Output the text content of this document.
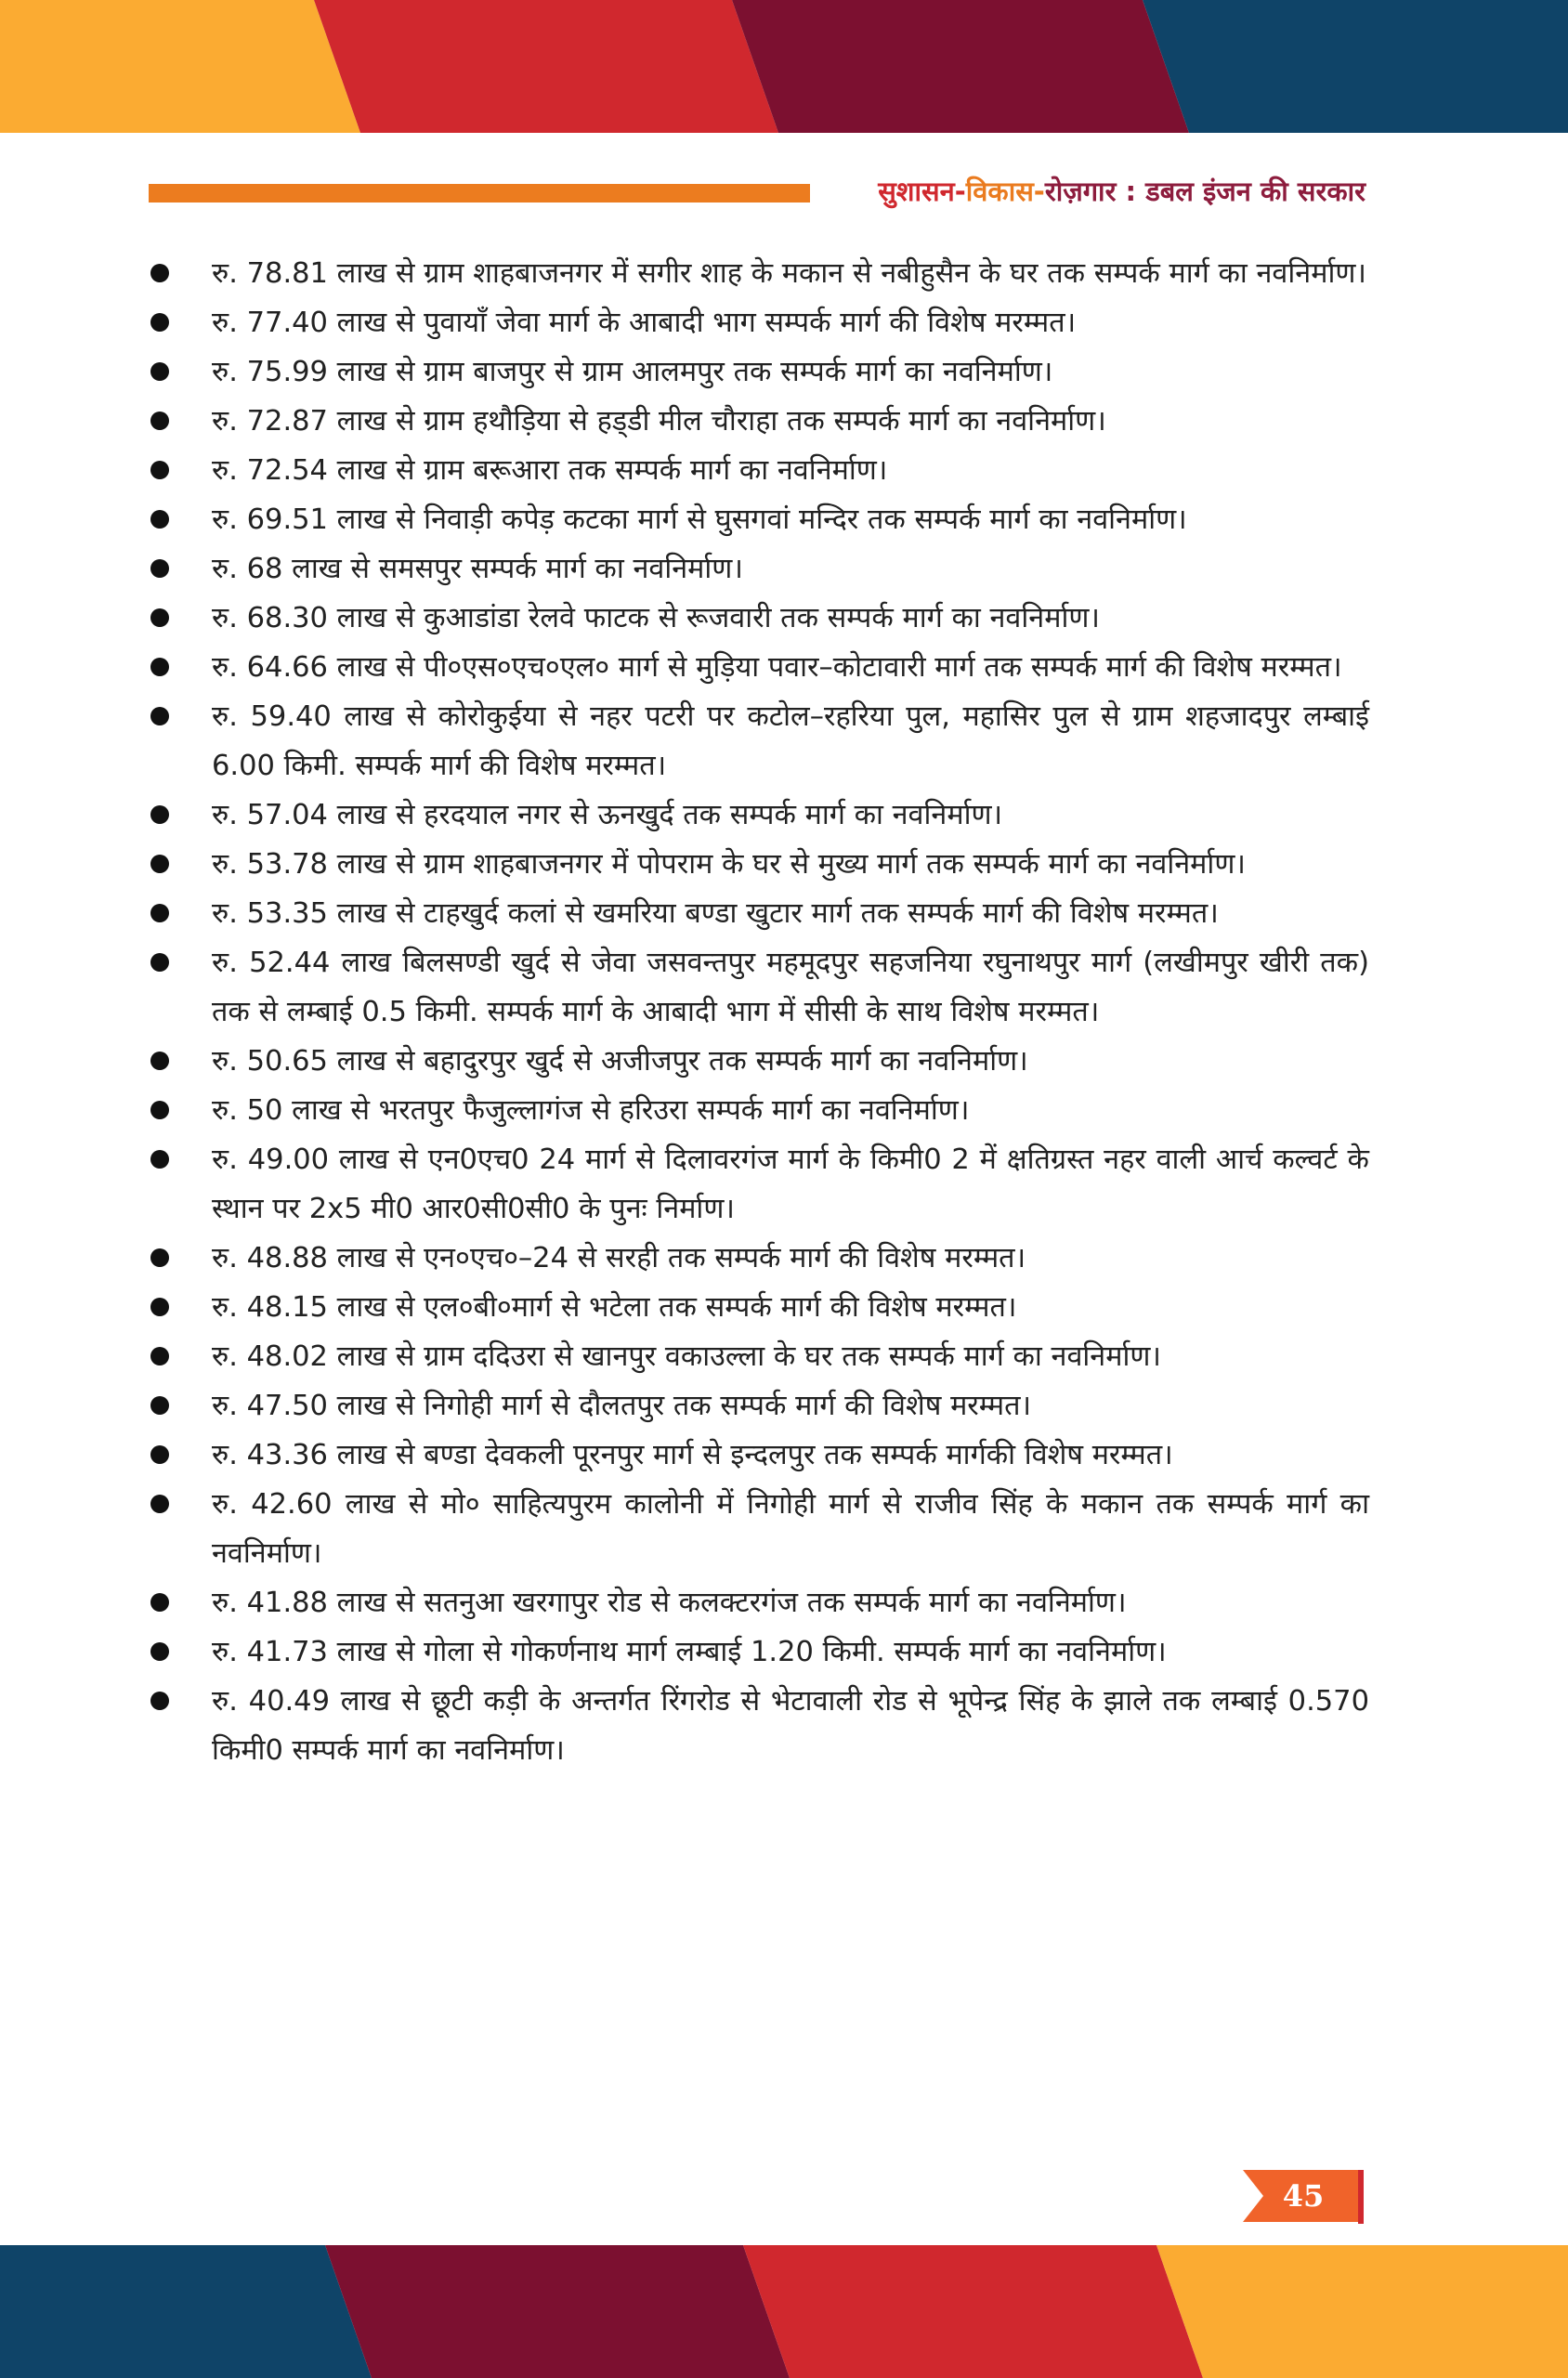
सुशासन-विकास-रोज़गार : डबल इंजन की सरकार
रु. 78.81 लाख से ग्राम शाहबाजनगर में सगीर शाह के मकान से नबीहुसैन के घर तक सम्पर्क मार्ग का नवनिर्माण।
रु. 77.40 लाख से पुवायाँ जेवा मार्ग के आबादी भाग सम्पर्क मार्ग की विशेष मरम्मत।
रु. 75.99 लाख से ग्राम बाजपुर से ग्राम आलमपुर तक सम्पर्क मार्ग का नवनिर्माण।
रु. 72.87 लाख से ग्राम हथौड़िया से हड्‌डी मील चौराहा तक सम्पर्क मार्ग का नवनिर्माण।
रु. 72.54 लाख से ग्राम बरूआरा तक सम्पर्क मार्ग का नवनिर्माण।
रु. 69.51 लाख से निवाड़ी कपेड़ कटका मार्ग से घुसगवां मन्दिर तक सम्पर्क मार्ग का नवनिर्माण।
रु. 68 लाख से समसपुर सम्पर्क मार्ग का नवनिर्माण।
रु. 68.30 लाख से कुआडांडा रेलवे फाटक से रूजवारी तक सम्पर्क मार्ग का नवनिर्माण।
रु. 64.66 लाख से पी०एस०एच०एल० मार्ग से मुड़िया पवार–कोटावारी मार्ग तक सम्पर्क मार्ग की विशेष मरम्मत।
रु. 59.40 लाख से कोरोकुईया से नहर पटरी पर कटोल–रहरिया पुल, महासिर पुल से ग्राम शहजादपुर लम्बाई 6.00 किमी. सम्पर्क मार्ग की विशेष मरम्मत।
रु. 57.04 लाख से हरदयाल नगर से ऊनखुर्द तक सम्पर्क मार्ग का नवनिर्माण।
रु. 53.78 लाख से ग्राम शाहबाजनगर में पोपराम के घर से मुख्य मार्ग तक सम्पर्क मार्ग का नवनिर्माण।
रु. 53.35 लाख से टाहखुर्द कलां से खमरिया बण्डा खुटार मार्ग तक सम्पर्क मार्ग की विशेष मरम्मत।
रु. 52.44 लाख बिलसण्डी खुर्द से जेवा जसवन्तपुर महमूदपुर सहजनिया रघुनाथपुर मार्ग (लखीमपुर खीरी तक) तक से लम्बाई 0.5 किमी. सम्पर्क मार्ग के आबादी भाग में सीसी के साथ विशेष मरम्मत।
रु. 50.65 लाख से बहादुरपुर खुर्द से अजीजपुर तक सम्पर्क मार्ग का नवनिर्माण।
रु. 50 लाख से भरतपुर फैजुल्लागंज से हरिउरा सम्पर्क मार्ग का नवनिर्माण।
रु. 49.00 लाख से एन0एच0 24 मार्ग से दिलावरगंज मार्ग के किमी0 2 में क्षतिग्रस्त नहर वाली आर्च कल्वर्ट के स्थान पर 2x5 मी0 आर0सी0सी0 के पुनः निर्माण।
रु. 48.88 लाख से एन०एच०–24 से सरही तक सम्पर्क मार्ग की विशेष मरम्मत।
रु. 48.15 लाख से एल०बी०मार्ग से भटेला तक सम्पर्क मार्ग की विशेष मरम्मत।
रु. 48.02 लाख से ग्राम ददिउरा से खानपुर वकाउल्ला के घर तक सम्पर्क मार्ग का नवनिर्माण।
रु. 47.50 लाख से निगोही मार्ग से दौलतपुर तक सम्पर्क मार्ग की विशेष मरम्मत।
रु. 43.36 लाख से बण्डा देवकली पूरनपुर मार्ग से इन्दलपुर तक सम्पर्क मार्गकी विशेष मरम्मत।
रु. 42.60 लाख से मो० साहित्यपुरम कालोनी में निगोही मार्ग से राजीव सिंह के मकान तक सम्पर्क मार्ग का नवनिर्माण।
रु. 41.88 लाख से सतनुआ खरगापुर रोड से कलक्टरगंज तक सम्पर्क मार्ग का नवनिर्माण।
रु. 41.73 लाख से गोला से गोकर्णनाथ मार्ग लम्बाई 1.20 किमी. सम्पर्क मार्ग का नवनिर्माण।
रु. 40.49 लाख से छूटी कड़ी के अन्तर्गत रिंगरोड से भेटावाली रोड से भूपेन्द्र सिंह के झाले तक लम्बाई 0.570 किमी0 सम्पर्क मार्ग का नवनिर्माण।
45
